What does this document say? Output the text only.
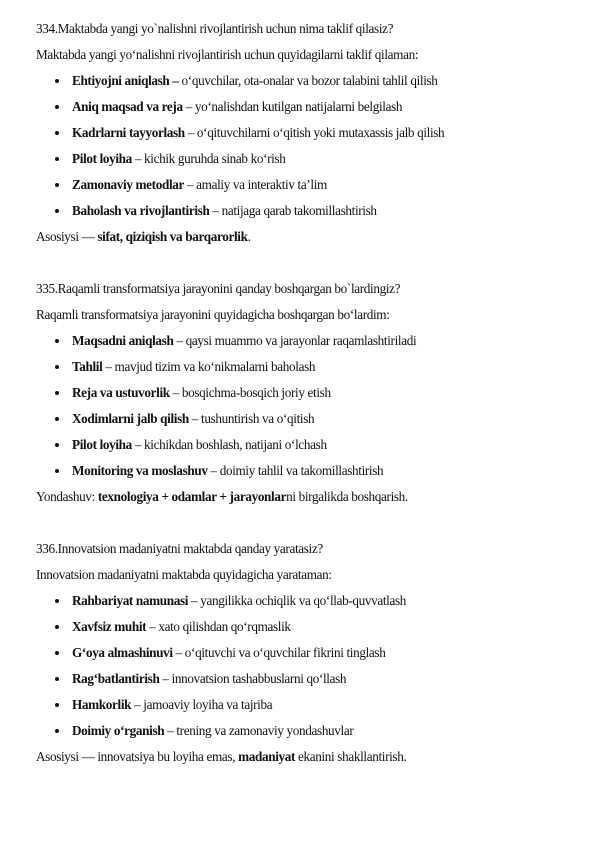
334.Maktabda yangi yo`nalishni rivojlantirish uchun nima taklif qilasiz?
Maktabda yangi yo‘nalishni rivojlantirish uchun quyidagilarni taklif qilaman:
Ehtiyojni aniqlash – o‘quvchilar, ota-onalar va bozor talabini tahlil qilish
Aniq maqsad va reja – yo‘nalishdan kutilgan natijalarni belgilash
Kadrlarni tayyorlash – o‘qituvchilarni o‘qitish yoki mutaxassis jalb qilish
Pilot loyiha – kichik guruhda sinab ko‘rish
Zamonaviy metodlar – amaliy va interaktiv ta’lim
Baholash va rivojlantirish – natijaga qarab takomillashtirish
Asosiysi — sifat, qiziqish va barqarorlik.
335.Raqamli transformatsiya jarayonini qanday boshqargan bo`lardingiz?
Raqamli transformatsiya jarayonini quyidagicha boshqargan bo‘lardim:
Maqsadni aniqlash – qaysi muammo va jarayonlar raqamlashtiriladi
Tahlil – mavjud tizim va ko‘nikmalarni baholash
Reja va ustuvorlik – bosqichma-bosqich joriy etish
Xodimlarni jalb qilish – tushuntirish va o‘qitish
Pilot loyiha – kichikdan boshlash, natijani o‘lchash
Monitoring va moslashuv – doimiy tahlil va takomillashtirish
Yondashuv: texnologiya + odamlar + jarayonlarni birgalikda boshqarish.
336.Innovatsion madaniyatni maktabda qanday yaratasiz?
Innovatsion madaniyatni maktabda quyidagicha yarataman:
Rahbariyat namunasi – yangilikka ochiqlik va qo‘llab-quvvatlash
Xavfsiz muhit – xato qilishdan qo‘rqmaslik
G‘oya almashinuvi – o‘qituvchi va o‘quvchilar fikrini tinglash
Rag‘batlantirish – innovatsion tashabbuslarni qo‘llash
Hamkorlik – jamoaviy loyiha va tajriba
Doimiy o‘rganish – trening va zamonaviy yondashuvlar
Asosiysi — innovatsiya bu loyiha emas, madaniyat ekanini shakllantirish.
